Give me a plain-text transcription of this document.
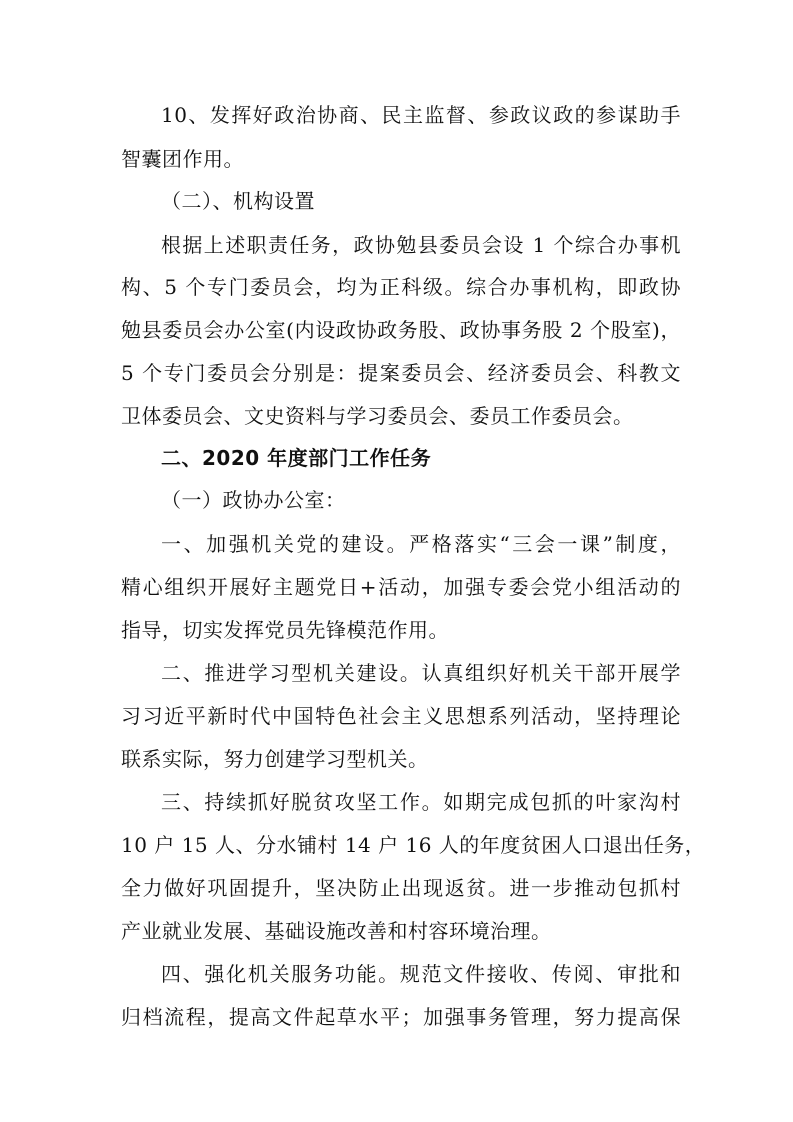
10、发挥好政治协商、民主监督、参政议政的参谋助手
智囊团作用。
（二）、机构设置
根据上述职责任务，政协勉县委员会设 1 个综合办事机
构、5 个专门委员会，均为正科级。综合办事机构，即政协
勉县委员会办公室(内设政协政务股、政协事务股 2 个股室)，
5 个专门委员会分别是：提案委员会、经济委员会、科教文
卫体委员会、文史资料与学习委员会、委员工作委员会。
二、2020 年度部门工作任务
（一）政协办公室：
一、加强机关党的建设。严格落实“三会一课”制度，
精心组织开展好主题党日+活动，加强专委会党小组活动的
指导，切实发挥党员先锋模范作用。
二、推进学习型机关建设。认真组织好机关干部开展学
习习近平新时代中国特色社会主义思想系列活动，坚持理论
联系实际，努力创建学习型机关。
三、持续抓好脱贫攻坚工作。如期完成包抓的叶家沟村
10 户 15 人、分水铺村 14 户 16 人的年度贫困人口退出任务，
全力做好巩固提升，坚决防止出现返贫。进一步推动包抓村
产业就业发展、基础设施改善和村容环境治理。
四、强化机关服务功能。规范文件接收、传阅、审批和
归档流程，提高文件起草水平；加强事务管理，努力提高保
